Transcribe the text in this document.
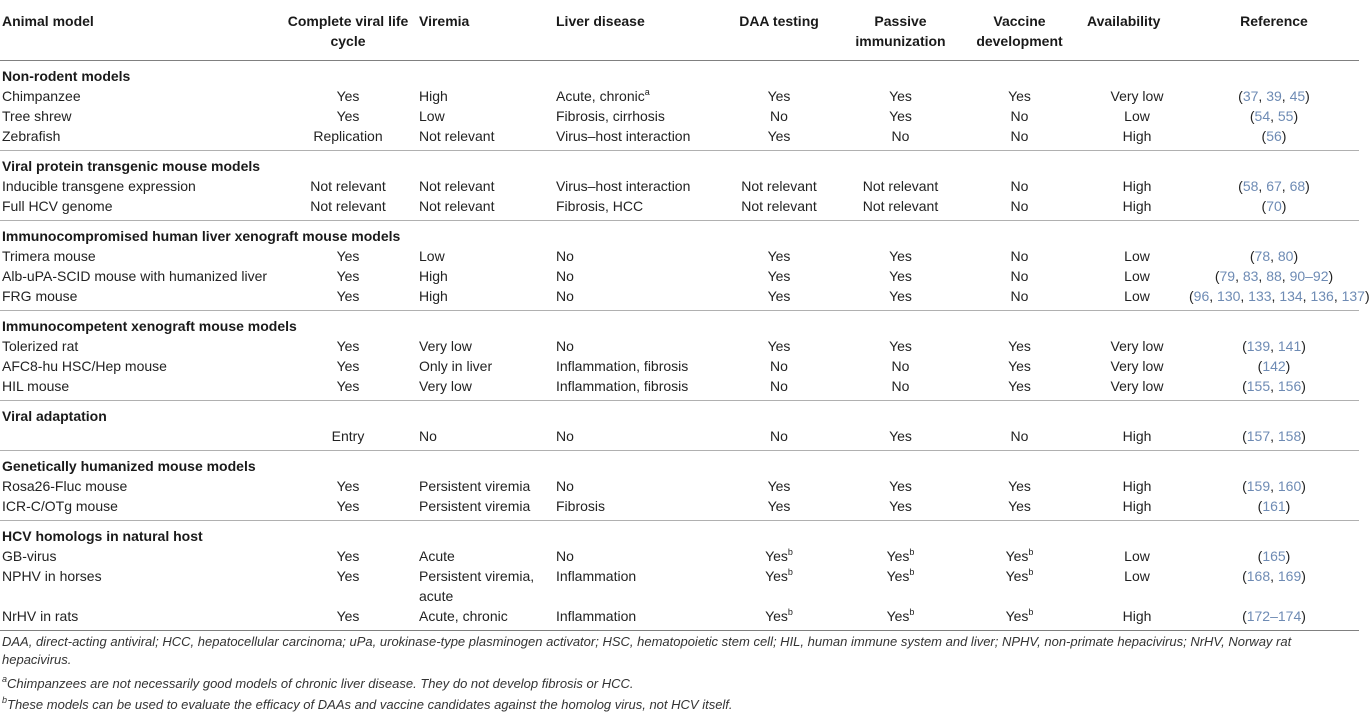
Animal model	Complete viral life cycle	Viremia	Liver disease	DAA testing	Passive immunization	Vaccine development	Availability	Reference
Non-rodent models								
Chimpanzee	Yes	High	Acute, chronic$^a$	Yes	Yes	Yes	Very low	(37, 39, 45)
Tree shrew	Yes	Low	Fibrosis, cirrhosis	No	Yes	No	Low	(54, 55)
Zebrafish	Replication	Not relevant	Virus–host interaction	Yes	No	No	High	(56)
Viral protein transgenic mouse models								
Inducible transgene expression	Not relevant	Not relevant	Virus–host interaction	Not relevant	Not relevant	No	High	(58, 67, 68)
Full HCV genome	Not relevant	Not relevant	Fibrosis, HCC	Not relevant	Not relevant	No	High	(70)
Immunocompromised human liver xenograft mouse models								
Trimera mouse	Yes	Low	No	Yes	Yes	No	Low	(78, 80)
Alb-uPA-SCID mouse with humanized liver	Yes	High	No	Yes	Yes	No	Low	(79, 83, 88, 90–92)
FRG mouse	Yes	High	No	Yes	Yes	No	Low	(96, 130, 133, 134, 136, 137)
Immunocompetent xenograft mouse models								
Tolerized rat	Yes	Very low	No	Yes	Yes	Yes	Very low	(139, 141)
AFC8-hu HSC/Hep mouse	Yes	Only in liver	Inflammation, fibrosis	No	No	Yes	Very low	(142)
HIL mouse	Yes	Very low	Inflammation, fibrosis	No	No	Yes	Very low	(155, 156)
Viral adaptation								
	Entry	No	No	No	Yes	No	High	(157, 158)
Genetically humanized mouse models								
Rosa26-Fluc mouse	Yes	Persistent viremia	No	Yes	Yes	Yes	High	(159, 160)
ICR-C/OTg mouse	Yes	Persistent viremia	Fibrosis	Yes	Yes	Yes	High	(161)
HCV homologs in natural host								
GB-virus	Yes	Acute	No	Yes$^b$	Yes$^b$	Yes$^b$	Low	(165)
NPHV in horses	Yes	Persistent viremia, acute	Inflammation	Yes$^b$	Yes$^b$	Yes$^b$	Low	(168, 169)
NrHV in rats	Yes	Acute, chronic	Inflammation	Yes$^b$	Yes$^b$	Yes$^b$	High	(172–174)

DAA, direct-acting antiviral; HCC, hepatocellular carcinoma; uPa, urokinase-type plasminogen activator; HSC, hematopoietic stem cell; HIL, human immune system and liver; NPHV, non-primate hepacivirus; NrHV, Norway rat hepacivirus.

$^a$Chimpanzees are not necessarily good models of chronic liver disease. They do not develop fibrosis or HCC.

$^b$These models can be used to evaluate the efficacy of DAAs and vaccine candidates against the homolog virus, not HCV itself.
